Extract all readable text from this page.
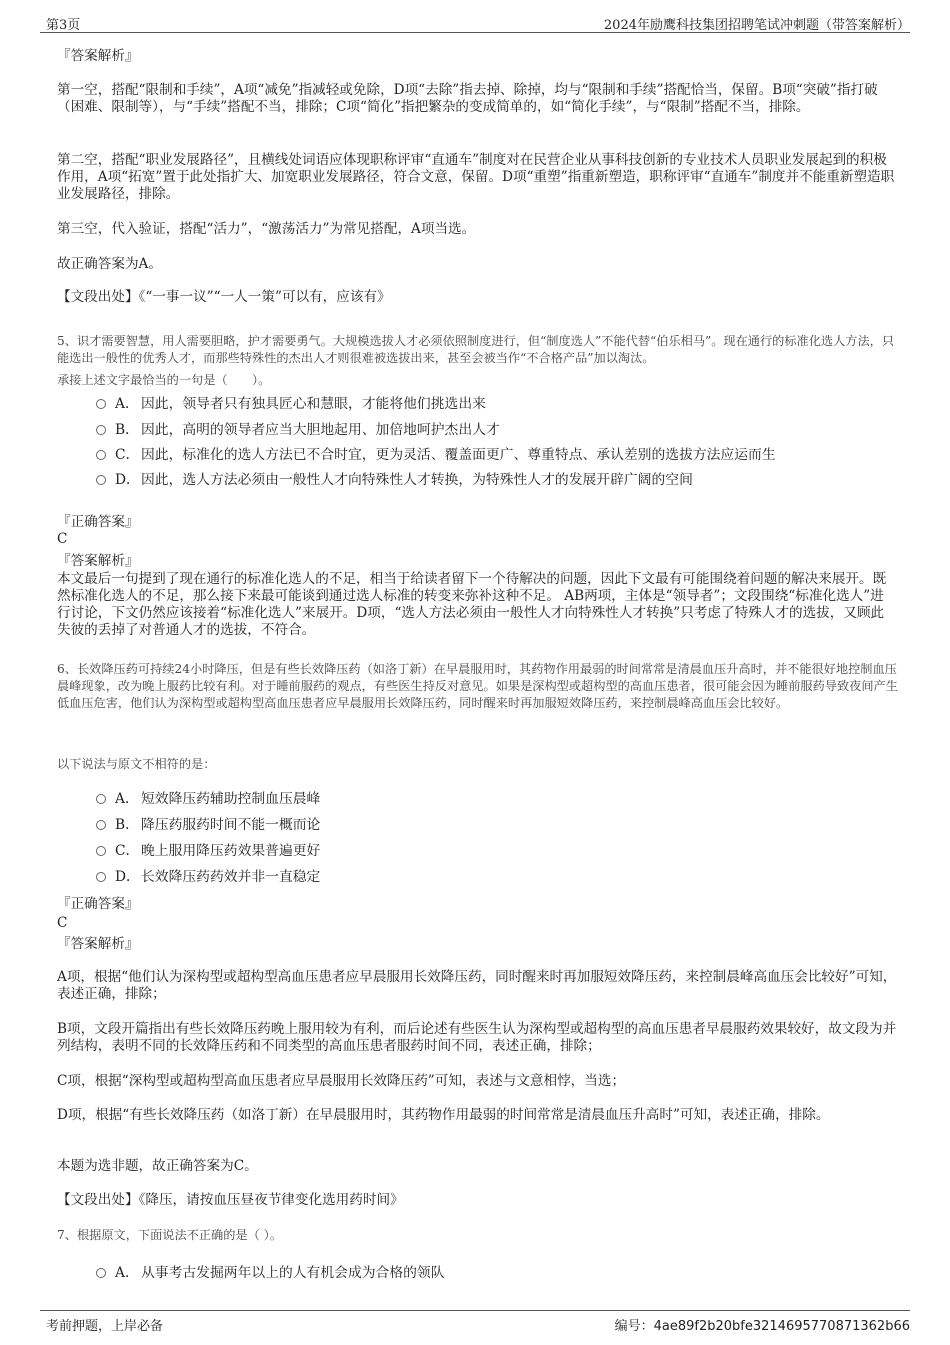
第3页	2024年励鹰科技集团招聘笔试冲刺题（带答案解析）

『答案解析』

第一空，搭配“限制和手续”，A项“减免”指减轻或免除，D项“去除”指去掉、除掉，均与“限制和手续”搭配恰当，保留。B项“突破”指打破（困难、限制等），与“手续”搭配不当，排除；C项“简化”指把繁杂的变成简单的，如“简化手续”，与“限制”搭配不当，排除。

第二空，搭配“职业发展路径”，且横线处词语应体现职称评审“直通车”制度对在民营企业从事科技创新的专业技术人员职业发展起到的积极作用，A项“拓宽”置于此处指扩大、加宽职业发展路径，符合文意，保留。D项“重塑”指重新塑造，职称评审“直通车”制度并不能重新塑造职业发展路径，排除。

第三空，代入验证，搭配“活力”，“激荡活力”为常见搭配，A项当选。

故正确答案为A。

【文段出处】《“一事一议”“一人一策”可以有，应该有》

5、识才需要智慧，用人需要胆略，护才需要勇气。大规模选拔人才必须依照制度进行，但“制度选人”不能代替“伯乐相马”。现在通行的标准化选人方法，只能选出一般性的优秀人才，而那些特殊性的杰出人才则很难被选拔出来，甚至会被当作“不合格产品”加以淘汰。

承接上述文字最恰当的一句是（　　）。

A． 因此，领导者只有独具匠心和慧眼，才能将他们挑选出来
B． 因此，高明的领导者应当大胆地起用、加倍地呵护杰出人才
C． 因此，标准化的选人方法已不合时宜，更为灵活、覆盖面更广、尊重特点、承认差别的选拔方法应运而生
D．因此，选人方法必须由一般性人才向特殊性人才转换，为特殊性人才的发展开辟广阔的空间

『正确答案』

C

『答案解析』

本文最后一句提到了现在通行的标准化选人的不足，相当于给读者留下一个待解决的问题，因此下文最有可能围绕着问题的解决来展开。既然标准化选人的不足，那么接下来最可能谈到通过选人标准的转变来弥补这种不足。 AB两项，主体是“领导者”；文段围绕“标准化选人”进行讨论，下文仍然应该接着“标准化选人”来展开。D项，“选人方法必须由一般性人才向特殊性人才转换”只考虑了特殊人才的选拔，又顾此失彼的丢掉了对普通人才的选拔，不符合。

6、长效降压药可持续24小时降压，但是有些长效降压药（如洛丁新）在早晨服用时，其药物作用最弱的时间常常是清晨血压升高时，并不能很好地控制血压晨峰现象，改为晚上服药比较有利。对于睡前服药的观点，有些医生持反对意见。如果是深构型或超构型的高血压患者，很可能会因为睡前服药导致夜间产生低血压危害，他们认为深构型或超构型高血压患者应早晨服用长效降压药，同时醒来时再加服短效降压药，来控制晨峰高血压会比较好。

以下说法与原文不相符的是：

A． 短效降压药辅助控制血压晨峰
B． 降压药服药时间不能一概而论
C． 晚上服用降压药效果普遍更好
D．长效降压药药效并非一直稳定

『正确答案』

C

『答案解析』

A项，根据“他们认为深构型或超构型高血压患者应早晨服用长效降压药，同时醒来时再加服短效降压药，来控制晨峰高血压会比较好”可知，表述正确，排除；

B项，文段开篇指出有些长效降压药晚上服用较为有利，而后论述有些医生认为深构型或超构型的高血压患者早晨服药效果较好，故文段为并列结构，表明不同的长效降压药和不同类型的高血压患者服药时间不同，表述正确，排除；

C项，根据“深构型或超构型高血压患者应早晨服用长效降压药”可知，表述与文意相悖，当选；

D项，根据“有些长效降压药（如洛丁新）在早晨服用时，其药物作用最弱的时间常常是清晨血压升高时”可知，表述正确，排除。

本题为选非题，故正确答案为C。

【文段出处】《降压，请按血压昼夜节律变化选用药时间》

7、根据原文，下面说法不正确的是（ ）。

A． 从事考古发掘两年以上的人有机会成为合格的领队
考前押题，上岸必备	编号：4ae89f2b20bfe3214695770871362b66
